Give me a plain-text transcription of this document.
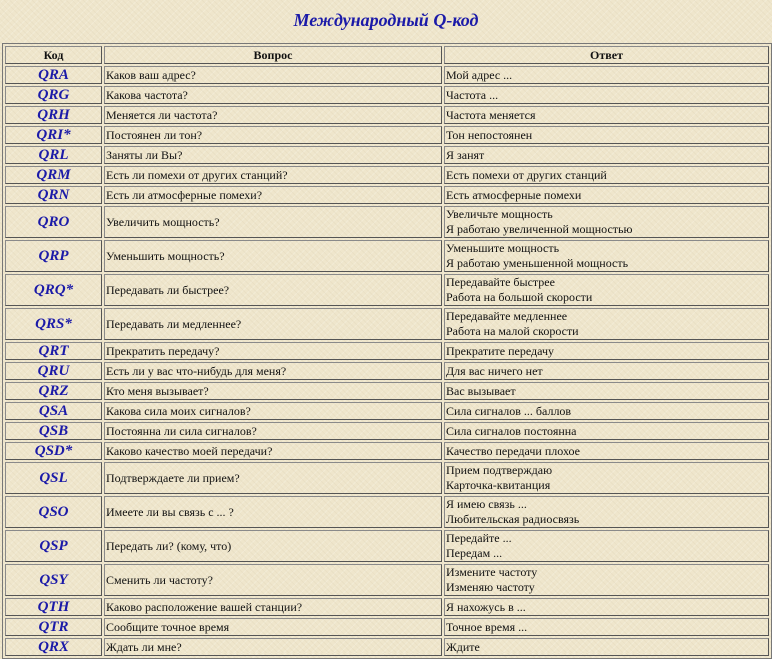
Международный Q-код
Код	Вопрос	Ответ
QRA	Каков ваш адрес?	Мой адрес ...

QRG	Какова частота?	Частота ...

QRH	Меняется ли частота?	Частота меняется

QRI*	Постоянен ли тон?	Тон непостоянен

QRL	Заняты ли Вы?	Я занят

QRM	Есть ли помехи от других станций?	Есть помехи от других станций

QRN	Есть ли атмосферные помехи?	Есть атмосферные помехи

QRO	Увеличить мощность?	Увеличьте мощность
Я работаю увеличенной мощностью

QRP	Уменьшить мощность?	Уменьшите мощность
Я работаю уменьшенной мощность

QRQ*	Передавать ли быстрее?	Передавайте быстрее
Работа на большой скорости

QRS*	Передавать ли медленнее?	Передавайте медленнее
Работа на малой скорости

QRT	Прекратить передачу?	Прекратите передачу

QRU	Есть ли у вас что-нибудь для меня?	Для вас ничего нет

QRZ	Кто меня вызывает?	Вас вызывает

QSA	Какова сила моих сигналов?	Сила сигналов ... баллов

QSB	Постоянна ли сила сигналов?	Сила сигналов постоянна

QSD*	Каково качество моей передачи?	Качество передачи плохое

QSL	Подтверждаете ли прием?	Прием подтверждаю
Карточка-квитанция

QSO	Имеете ли вы связь с ... ?	Я имею связь ...
Любительская радиосвязь

QSP	Передать ли? (кому, что)	Передайте ...
Передам ...

QSY	Сменить ли частоту?	Измените частоту
Изменяю частоту

QTH	Каково расположение вашей станции?	Я нахожусь в ...

QTR	Сообщите точное время	Точное время ...

QRX	Ждать ли мне?	Ждите
